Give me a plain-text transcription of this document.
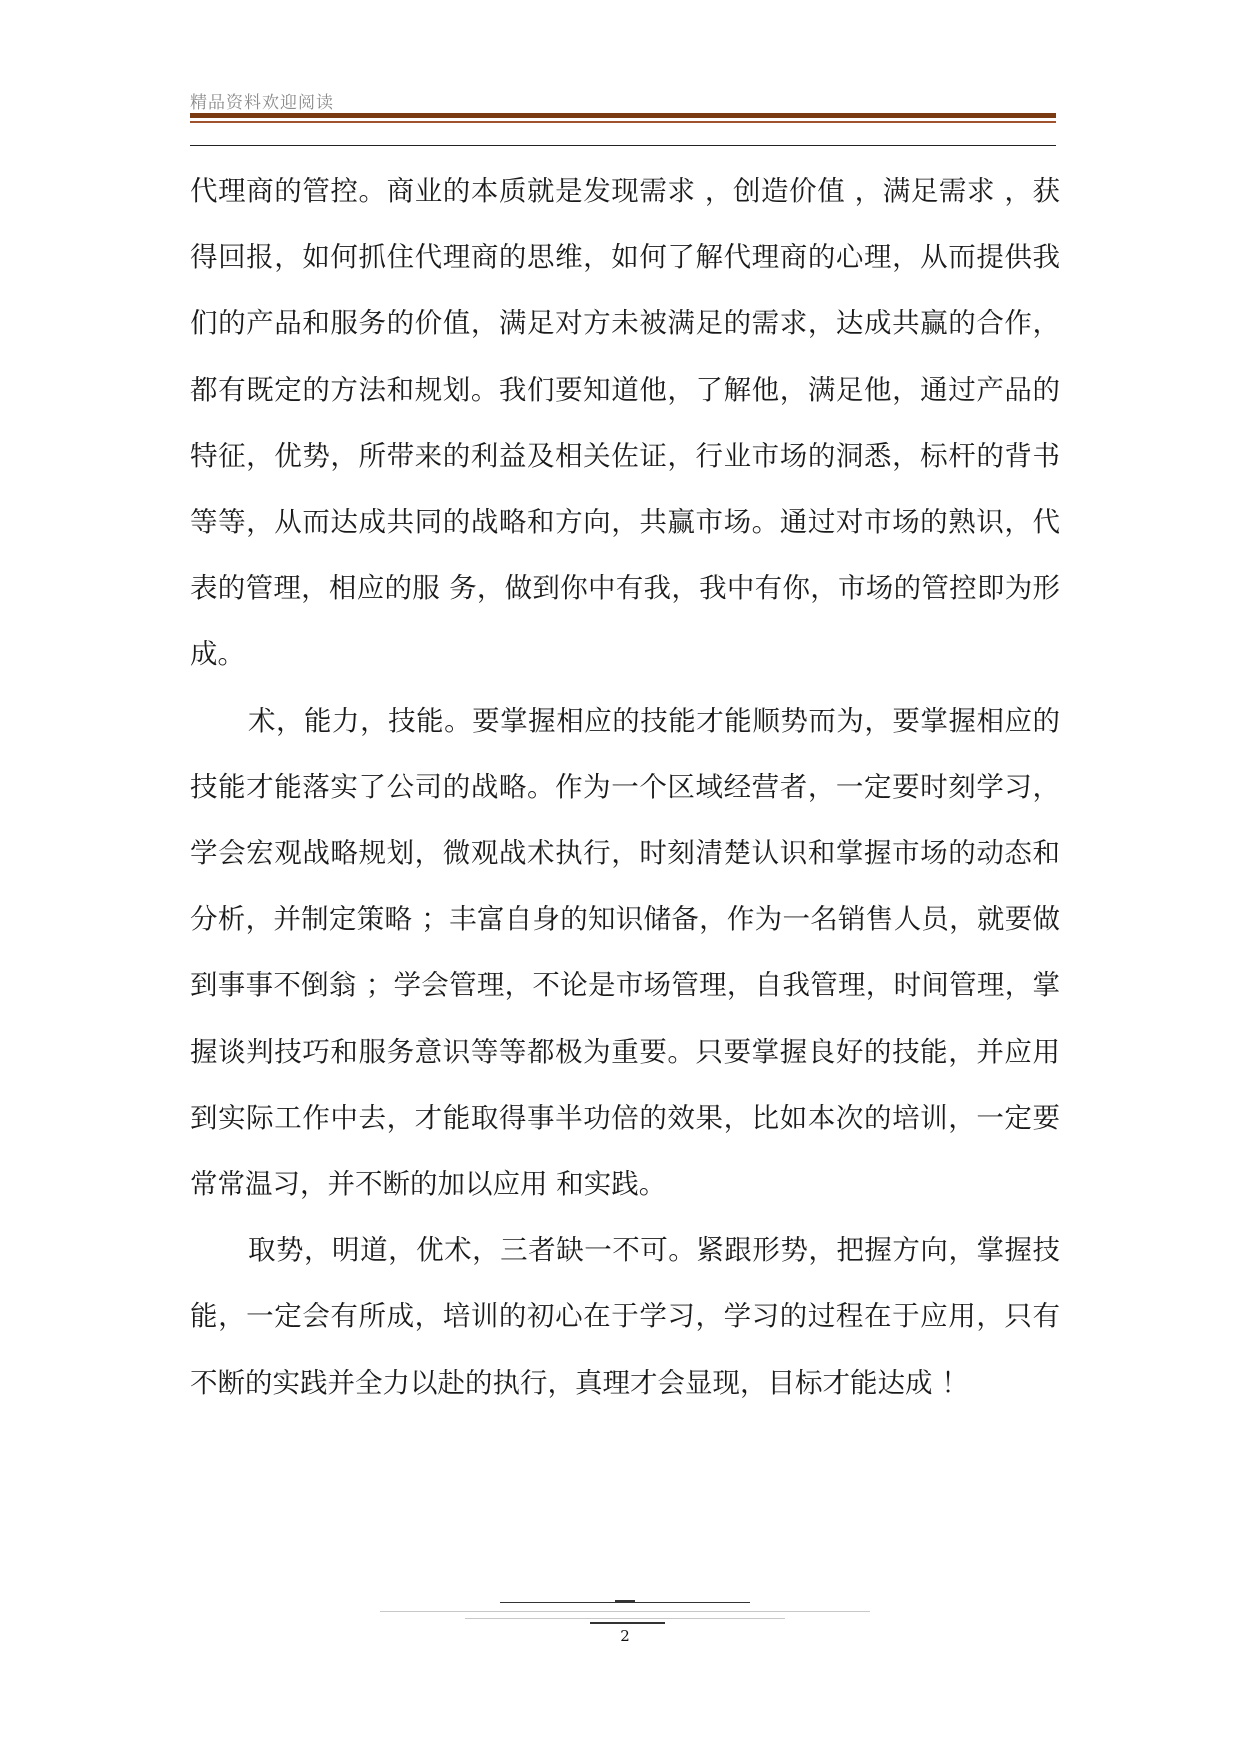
精品资料欢迎阅读

代理商的管控。商业的本质就是发现需求 ，创造价值 ，满足需求 ，获得回报，如何抓住代理商的思维，如何了解代理商的心理，从而提供我们的产品和服务的价值，满足对方未被满足的需求，达成共赢的合作，都有既定的方法和规划。我们要知道他，了解他，满足他，通过产品的特征，优势，所带来的利益及相关佐证，行业市场的洞悉，标杆的背书等等，从而达成共同的战略和方向，共赢市场。通过对市场的熟识，代表的管理，相应的服 务，做到你中有我，我中有你，市场的管控即为形成。

术，能力，技能。要掌握相应的技能才能顺势而为，要掌握相应的技能才能落实了公司的战略。作为一个区域经营者，一定要时刻学习，学会宏观战略规划，微观战术执行，时刻清楚认识和掌握市场的动态和分析，并制定策略 ；丰富自身的知识储备，作为一名销售人员，就要做到事事不倒翁 ；学会管理，不论是市场管理，自我管理，时间管理，掌握谈判技巧和服务意识等等都极为重要。只要掌握良好的技能，并应用到实际工作中去，才能取得事半功倍的效果，比如本次的培训，一定要常常温习，并不断的加以应用 和实践。

取势，明道，优术，三者缺一不可。紧跟形势，把握方向，掌握技能，一定会有所成，培训的初心在于学习，学习的过程在于应用，只有不断的实践并全力以赴的执行，真理才会显现，目标才能达成 ！

2
